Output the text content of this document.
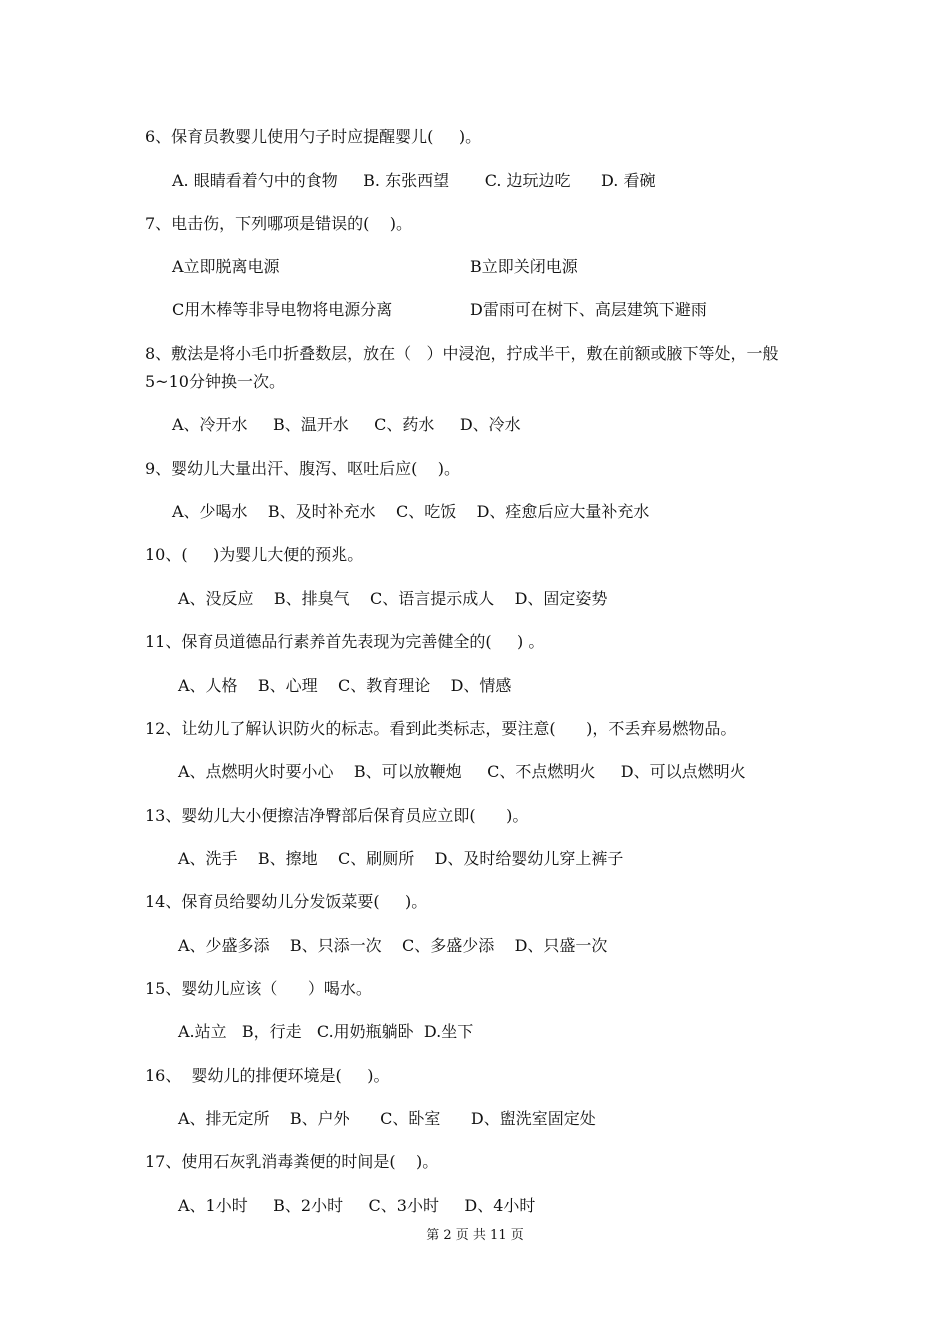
6、保育员教婴儿使用勺子时应提醒婴儿(     )。
A. 眼睛看着勺中的食物     B. 东张西望       C. 边玩边吃      D. 看碗
7、电击伤，下列哪项是错误的(    )。
A立即脱离电源	B立即关闭电源
C用木棒等非导电物将电源分离	D雷雨可在树下、高层建筑下避雨
8、敷法是将小毛巾折叠数层，放在（   ）中浸泡，拧成半干，敷在前额或腋下等处，一般
5~10分钟换一次。
A、冷开水     B、温开水     C、药水     D、冷水
9、婴幼儿大量出汗、腹泻、呕吐后应(    )。
A、少喝水    B、及时补充水    C、吃饭    D、痊愈后应大量补充水
10、(     )为婴儿大便的预兆。
A、没反应    B、排臭气    C、语言提示成人    D、固定姿势
11、保育员道德品行素养首先表现为完善健全的(     ) 。
A、人格    B、心理    C、教育理论    D、情感
12、让幼儿了解认识防火的标志。看到此类标志，要注意(      )，不丢弃易燃物品。
A、点燃明火时要小心    B、可以放鞭炮     C、不点燃明火     D、可以点燃明火
13、婴幼儿大小便擦洁净臀部后保育员应立即(      )。
A、洗手    B、擦地    C、刷厕所    D、及时给婴幼儿穿上裤子
14、保育员给婴幼儿分发饭菜要(     )。
A、少盛多添    B、只添一次    C、多盛少添    D、只盛一次
15、婴幼儿应该（      ）喝水。
A.站立   B，行走   C.用奶瓶躺卧  D.坐下
16、  婴幼儿的排便环境是(     )。
A、排无定所    B、户外      C、卧室      D、盥洗室固定处
17、使用石灰乳消毒粪便的时间是(    )。
A、1小时     B、2小时     C、3小时     D、4小时
第 2 页 共 11 页
